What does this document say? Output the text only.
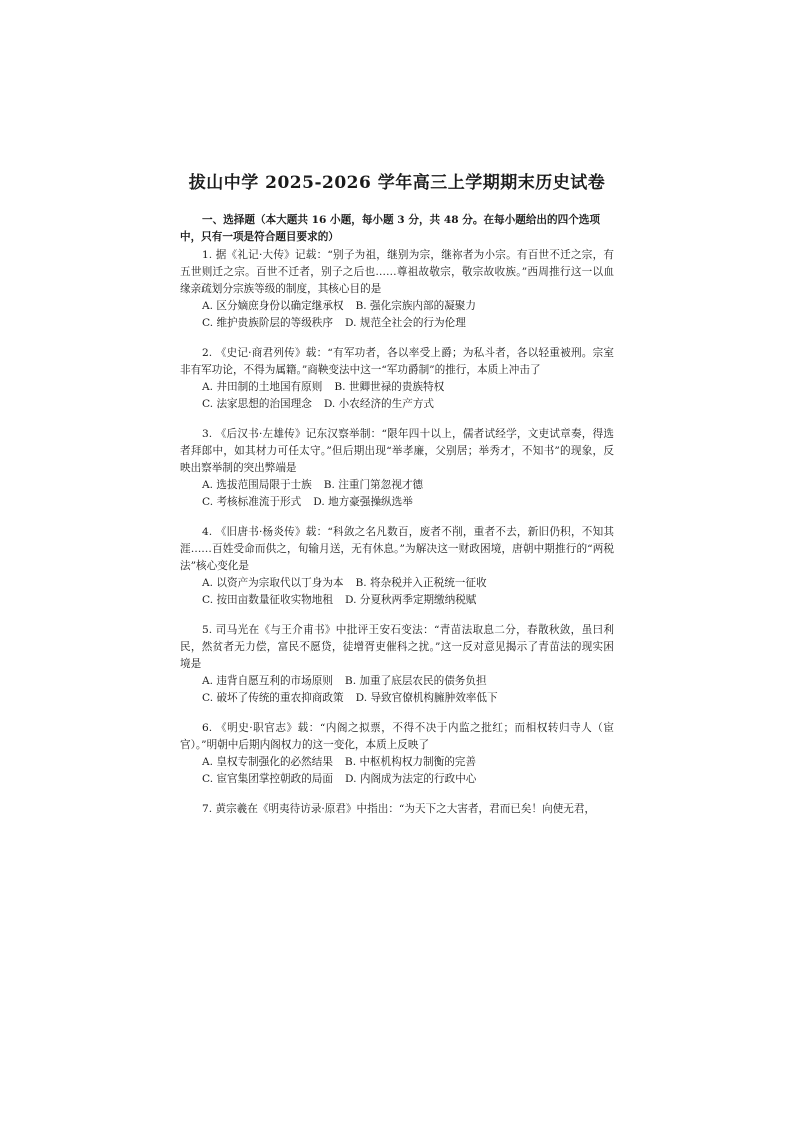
拔山中学 2025-2026 学年高三上学期期末历史试卷

一、选择题（本大题共 16 小题，每小题 3 分，共 48 分。在每小题给出的四个选项中，只有一项是符合题目要求的）

1. 据《礼记·大传》记载：“别子为祖，继别为宗，继祢者为小宗。有百世不迁之宗，有五世则迁之宗。百世不迁者，别子之后也……尊祖故敬宗，敬宗故收族。”西周推行这一以血缘亲疏划分宗族等级的制度，其核心目的是

A. 区分嫡庶身份以确定继承权 B. 强化宗族内部的凝聚力
C. 维护贵族阶层的等级秩序 D. 规范全社会的行为伦理

2. 《史记·商君列传》载：“有军功者，各以率受上爵；为私斗者，各以轻重被刑。宗室非有军功论，不得为属籍。”商鞅变法中这一“军功爵制”的推行，本质上冲击了

A. 井田制的土地国有原则 B. 世卿世禄的贵族特权
C. 法家思想的治国理念 D. 小农经济的生产方式

3. 《后汉书·左雄传》记东汉察举制：“限年四十以上，儒者试经学，文吏试章奏，得选者拜郎中，如其材力可任太守。”但后期出现“举孝廉，父别居；举秀才，不知书”的现象，反映出察举制的突出弊端是

A. 选拔范围局限于士族 B. 注重门第忽视才德
C. 考核标准流于形式 D. 地方豪强操纵选举

4. 《旧唐书·杨炎传》载：“科敛之名凡数百，废者不削，重者不去，新旧仍积，不知其涯……百姓受命而供之，旬输月送，无有休息。”为解决这一财政困境，唐朝中期推行的“两税法”核心变化是

A. 以资产为宗取代以丁身为本 B. 将杂税并入正税统一征收
C. 按田亩数量征收实物地租 D. 分夏秋两季定期缴纳税赋

5. 司马光在《与王介甫书》中批评王安石变法：“青苗法取息二分，春散秋敛，虽曰利民，然贫者无力偿，富民不愿贷，徒增胥吏催科之扰。”这一反对意见揭示了青苗法的现实困境是

A. 违背自愿互利的市场原则 B. 加重了底层农民的债务负担
C. 破坏了传统的重农抑商政策 D. 导致官僚机构臃肿效率低下

6. 《明史·职官志》载：“内阁之拟票，不得不决于内监之批红；而相权转归寺人（宦官）。”明朝中后期内阁权力的这一变化，本质上反映了

A. 皇权专制强化的必然结果 B. 中枢机构权力制衡的完善
C. 宦官集团掌控朝政的局面 D. 内阁成为法定的行政中心

7. 黄宗羲在《明夷待访录·原君》中指出：“为天下之大害者，君而已矣！向使无君，
